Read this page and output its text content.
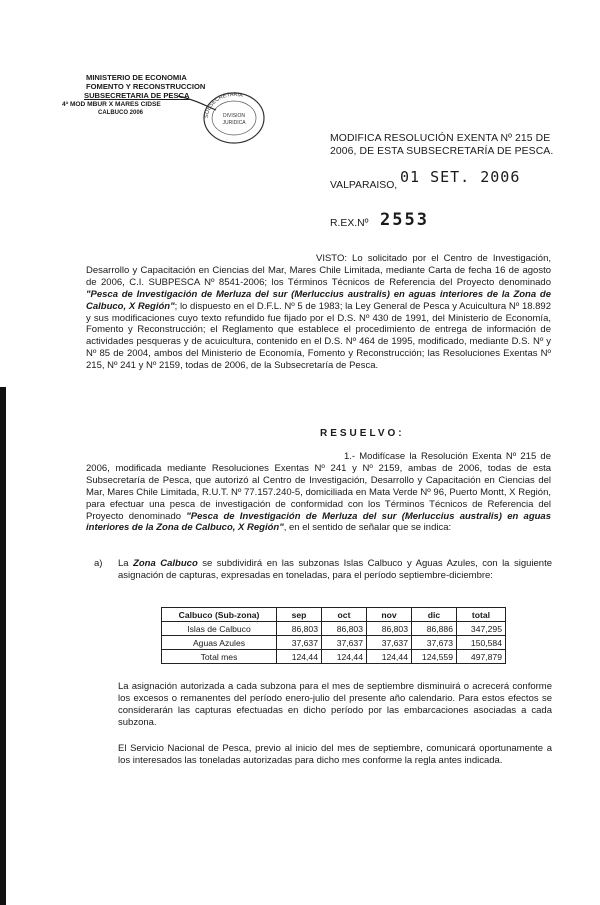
MINISTERIO DE ECONOMIA
FOMENTO Y RECONSTRUCCION
SUBSECRETARIA DE PESCA
4ª MOD MBUR X MARES CIDSE
CALBUCO 2006
SUBSECRETARIA
DIVISION
JURIDICA
MODIFICA RESOLUCIÓN EXENTA Nº 215 DE 2006, DE ESTA SUBSECRETARÍA DE PESCA.
VALPARAISO, 01 SET. 2006
R.EX.Nº 2553
VISTO: Lo solicitado por el Centro de Investigación, Desarrollo y Capacitación en Ciencias del Mar, Mares Chile Limitada, mediante Carta de fecha 16 de agosto de 2006, C.I. SUBPESCA Nº 8541-2006; los Términos Técnicos de Referencia del Proyecto denominado "Pesca de Investigación de Merluza del sur (Merluccius australis) en aguas interiores de la Zona de Calbuco, X Región"; lo dispuesto en el D.F.L. Nº 5 de 1983; la Ley General de Pesca y Acuicultura Nº 18.892 y sus modificaciones cuyo texto refundido fue fijado por el D.S. Nº 430 de 1991, del Ministerio de Economía, Fomento y Reconstrucción; el Reglamento que establece el procedimiento de entrega de información de actividades pesqueras y de acuicultura, contenido en el D.S. Nº 464 de 1995, modificado, mediante D.S. Nº y Nº 85 de 2004, ambos del Ministerio de Economía, Fomento y Reconstrucción; las Resoluciones Exentas Nº 215, Nº 241 y Nº 2159, todas de 2006, de la Subsecretaría de Pesca.
RESUELVO:
1.- Modifícase la Resolución Exenta Nº 215 de 2006, modificada mediante Resoluciones Exentas Nº 241 y Nº 2159, ambas de 2006, todas de esta Subsecretaría de Pesca, que autorizó al Centro de Investigación, Desarrollo y Capacitación en Ciencias del Mar, Mares Chile Limitada, R.U.T. Nº 77.157.240-5, domiciliada en Mata Verde Nº 96, Puerto Montt, X Región, para efectuar una pesca de investigación de conformidad con los Términos Técnicos de Referencia del Proyecto denominado "Pesca de Investigación de Merluza del sur (Merluccius australis) en aguas interiores de la Zona de Calbuco, X Región", en el sentido de señalar que se indica:
a) La Zona Calbuco se subdividirá en las subzonas Islas Calbuco y Aguas Azules, con la siguiente asignación de capturas, expresadas en toneladas, para el período septiembre-diciembre:
Calbuco (Sub-zona)	sep	oct	nov	dic	total
Islas de Calbuco	86,803	86,803	86,803	86,886	347,295
Aguas Azules	37,637	37,637	37,637	37,673	150,584
Total mes	124,44	124,44	124,44	124,559	497,879
La asignación autorizada a cada subzona para el mes de septiembre disminuirá o acrecerá conforme los excesos o remanentes del período enero-julio del presente año calendario. Para estos efectos se considerarán las capturas efectuadas en dicho período por las embarcaciones asociadas a cada subzona.
El Servicio Nacional de Pesca, previo al inicio del mes de septiembre, comunicará oportunamente a los interesados las toneladas autorizadas para dicho mes conforme la regla antes indicada.
